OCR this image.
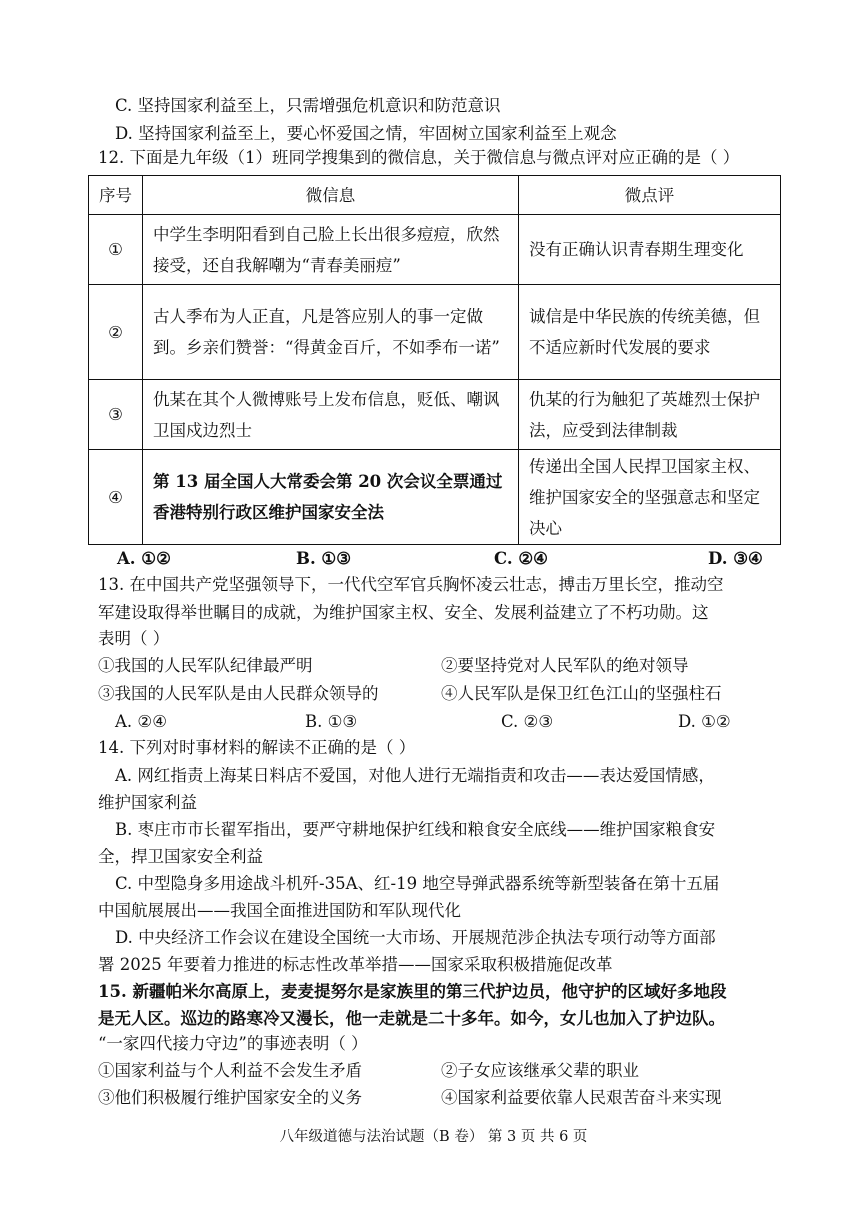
C. 坚持国家利益至上，只需增强危机意识和防范意识
D. 坚持国家利益至上，要心怀爱国之情，牢固树立国家利益至上观念
12. 下面是九年级（1）班同学搜集到的微信息，关于微信息与微点评对应正确的是（ ）
序号	微信息	微点评
①	中学生李明阳看到自己脸上长出很多痘痘，欣然接受，还自我解嘲为“青春美丽痘”	没有正确认识青春期生理变化
②	古人季布为人正直，凡是答应别人的事一定做到。乡亲们赞誉：“得黄金百斤，不如季布一诺”	诚信是中华民族的传统美德，但不适应新时代发展的要求
③	仇某在其个人微博账号上发布信息，贬低、嘲讽卫国戍边烈士	仇某的行为触犯了英雄烈士保护法，应受到法律制裁
④	第 13 届全国人大常委会第 20 次会议全票通过香港特别行政区维护国家安全法	传递出全国人民捍卫国家主权、维护国家安全的坚强意志和坚定决心
A. ①②	B. ①③	C. ②④	D. ③④
13. 在中国共产党坚强领导下，一代代空军官兵胸怀凌云壮志，搏击万里长空，推动空
军建设取得举世瞩目的成就，为维护国家主权、安全、发展利益建立了不朽功勋。这
表明（ ）
①我国的人民军队纪律最严明	②要坚持党对人民军队的绝对领导
③我国的人民军队是由人民群众领导的	④人民军队是保卫红色江山的坚强柱石
A. ②④	B. ①③	C. ②③	D. ①②
14. 下列对时事材料的解读不正确的是（ ）
A. 网红指责上海某日料店不爱国，对他人进行无端指责和攻击——表达爱国情感，
维护国家利益
B. 枣庄市市长翟军指出，要严守耕地保护红线和粮食安全底线——维护国家粮食安
全，捍卫国家安全利益
C. 中型隐身多用途战斗机歼-35A、红-19 地空导弹武器系统等新型装备在第十五届
中国航展展出——我国全面推进国防和军队现代化
D. 中央经济工作会议在建设全国统一大市场、开展规范涉企执法专项行动等方面部
署 2025 年要着力推进的标志性改革举措——国家采取积极措施促改革
15. 新疆帕米尔高原上，麦麦提努尔是家族里的第三代护边员，他守护的区域好多地段
是无人区。巡边的路寒冷又漫长，他一走就是二十多年。如今，女儿也加入了护边队。
“一家四代接力守边”的事迹表明（ ）
①国家利益与个人利益不会发生矛盾	②子女应该继承父辈的职业
③他们积极履行维护国家安全的义务	④国家利益要依靠人民艰苦奋斗来实现
八年级道德与法治试题（B 卷） 第 3 页 共 6 页
